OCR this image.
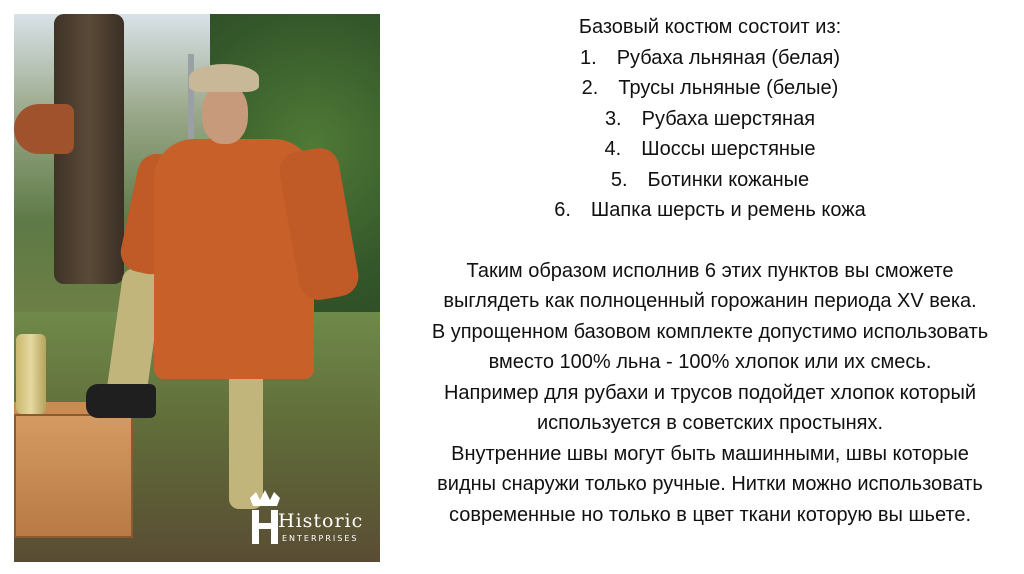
Historic
ENTERPRISES
Базовый костюм состоит из:
1. Рубаха льняная (белая)
2. Трусы льняные (белые)
3. Рубаха шерстяная
4. Шоссы шерстяные
5. Ботинки кожаные
6. Шапка шерсть и ремень кожа
Таким образом исполнив 6 этих пунктов вы сможете
выглядеть как полноценный горожанин периода XV века.
В упрощенном базовом комплекте допустимо использовать
вместо 100% льна - 100% хлопок или их смесь.
Например для рубахи и трусов подойдет хлопок который
используется в советских простынях.
Внутренние швы могут быть машинными, швы которые
видны снаружи только ручные. Нитки можно использовать
современные но только в цвет ткани которую вы шьете.
